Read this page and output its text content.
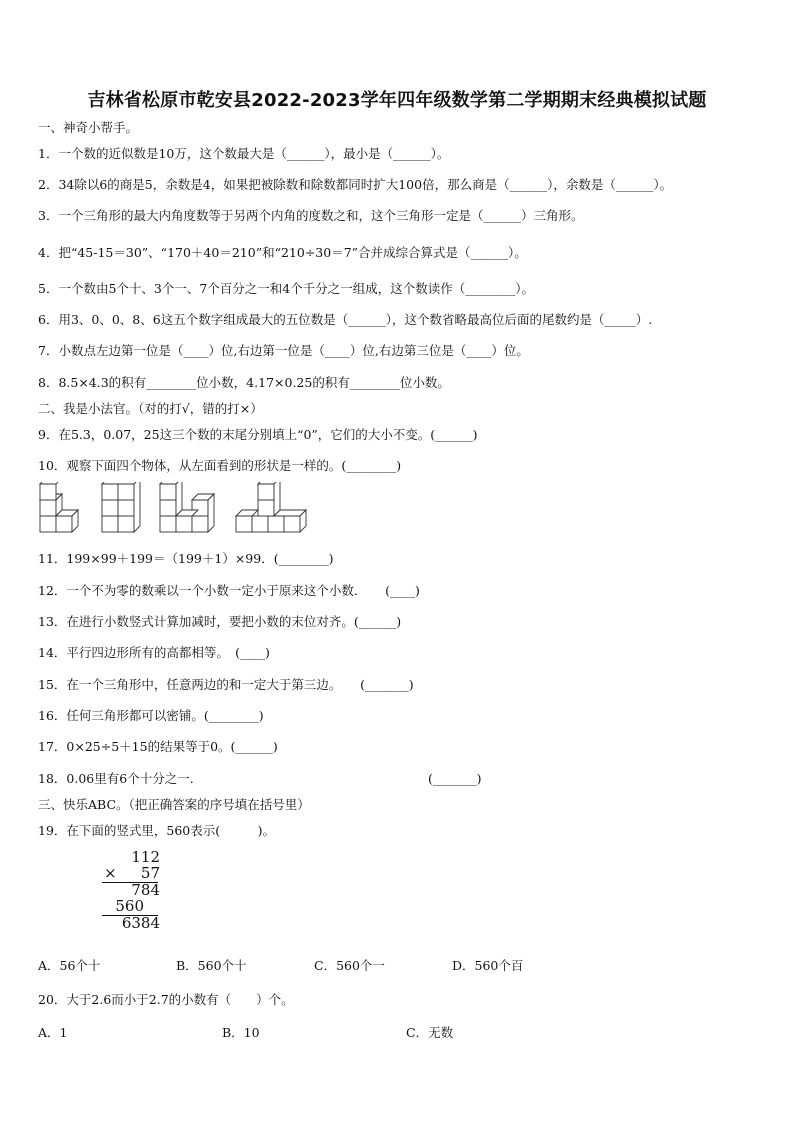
吉林省松原市乾安县2022-2023学年四年级数学第二学期期末经典模拟试题
一、神奇小帮手。
1．一个数的近似数是10万，这个数最大是（______），最小是（______）。
2．34除以6的商是5，余数是4，如果把被除数和除数都同时扩大100倍，那么商是（______），余数是（______）。
3．一个三角形的最大内角度数等于另两个内角的度数之和，这个三角形一定是（______）三角形。
4．把“45-15＝30”、“170＋40＝210”和“210÷30＝7”合并成综合算式是（______）。
5．一个数由5个十、3个一、7个百分之一和4个千分之一组成，这个数读作（________）。
6．用3、0、0、8、6这五个数字组成最大的五位数是（______），这个数省略最高位后面的尾数约是（_____）.
7．小数点左边第一位是（____）位,右边第一位是（____）位,右边第三位是（____）位。
8．8.5×4.3的积有________位小数，4.17×0.25的积有________位小数。
二、我是小法官。（对的打√，错的打×）
9．在5.3，0.07，25这三个数的末尾分别填上“0”，它们的大小不变。(______)
10．观察下面四个物体，从左面看到的形状是一样的。(________)
11．199×99＋199＝（199＋1）×99．(________)
12．一个不为零的数乘以一个小数一定小于原来这个小数．　　(____)
13．在进行小数竖式计算加减时，要把小数的末位对齐。(______)
14．平行四边形所有的高都相等。　(____)
15．在一个三角形中，任意两边的和一定大于第三边。　　(_______)
16．任何三角形都可以密铺。(________)
17．0×25÷5＋15的结果等于0。(______)
18．0.06里有6个十分之一.	(_______)
三、快乐ABC。（把正确答案的序号填在括号里）
19．在下面的竖式里，560表示(　　　)。
112
× 57
784
560
6384
A．56个十	B．560个十	C．560个一	D．560个百
20．大于2.6而小于2.7的小数有（　　）个。
A．1	B．10	C．无数
